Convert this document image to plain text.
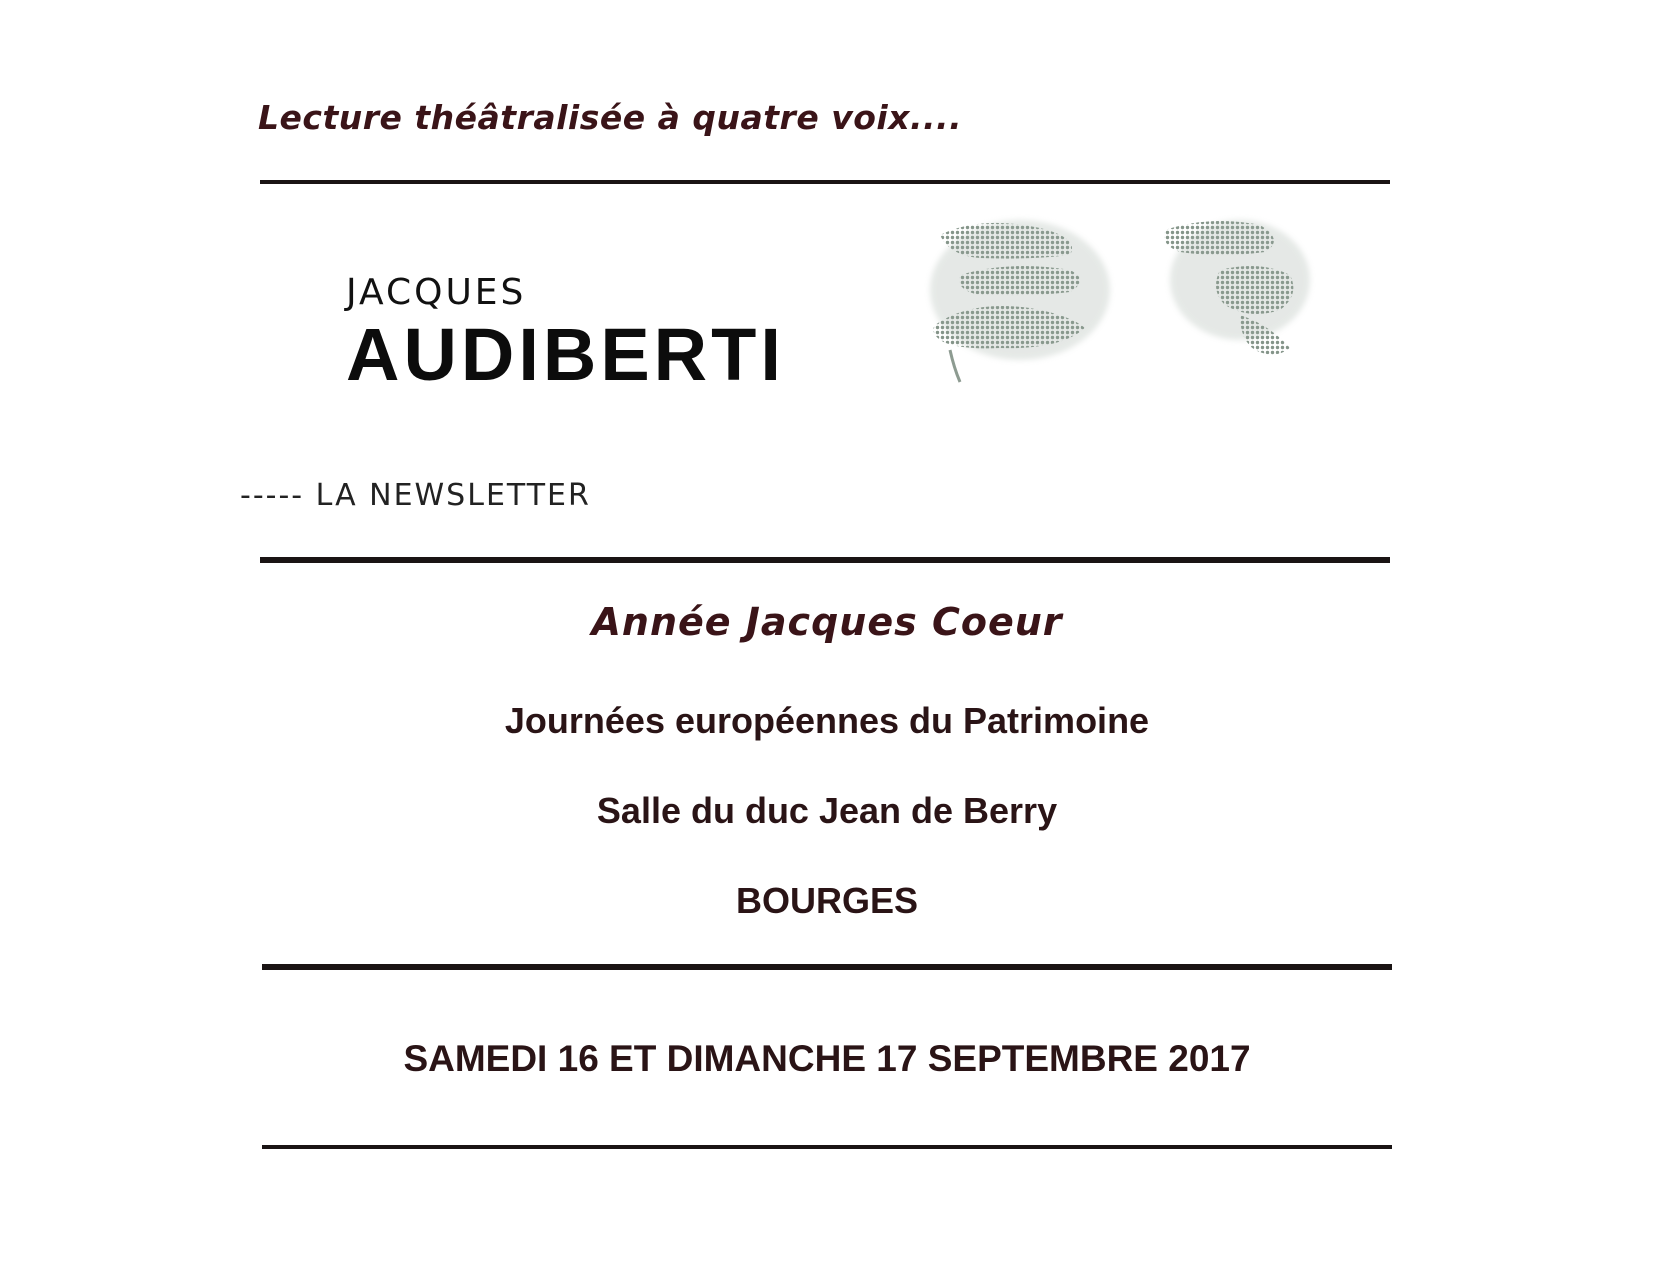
Lecture théâtralisée à quatre voix....
JACQUES
AUDIBERTI
----- LA NEWSLETTER
Année Jacques Coeur
Journées européennes du Patrimoine
Salle du duc Jean de Berry
BOURGES
SAMEDI 16 ET DIMANCHE 17 SEPTEMBRE 2017
